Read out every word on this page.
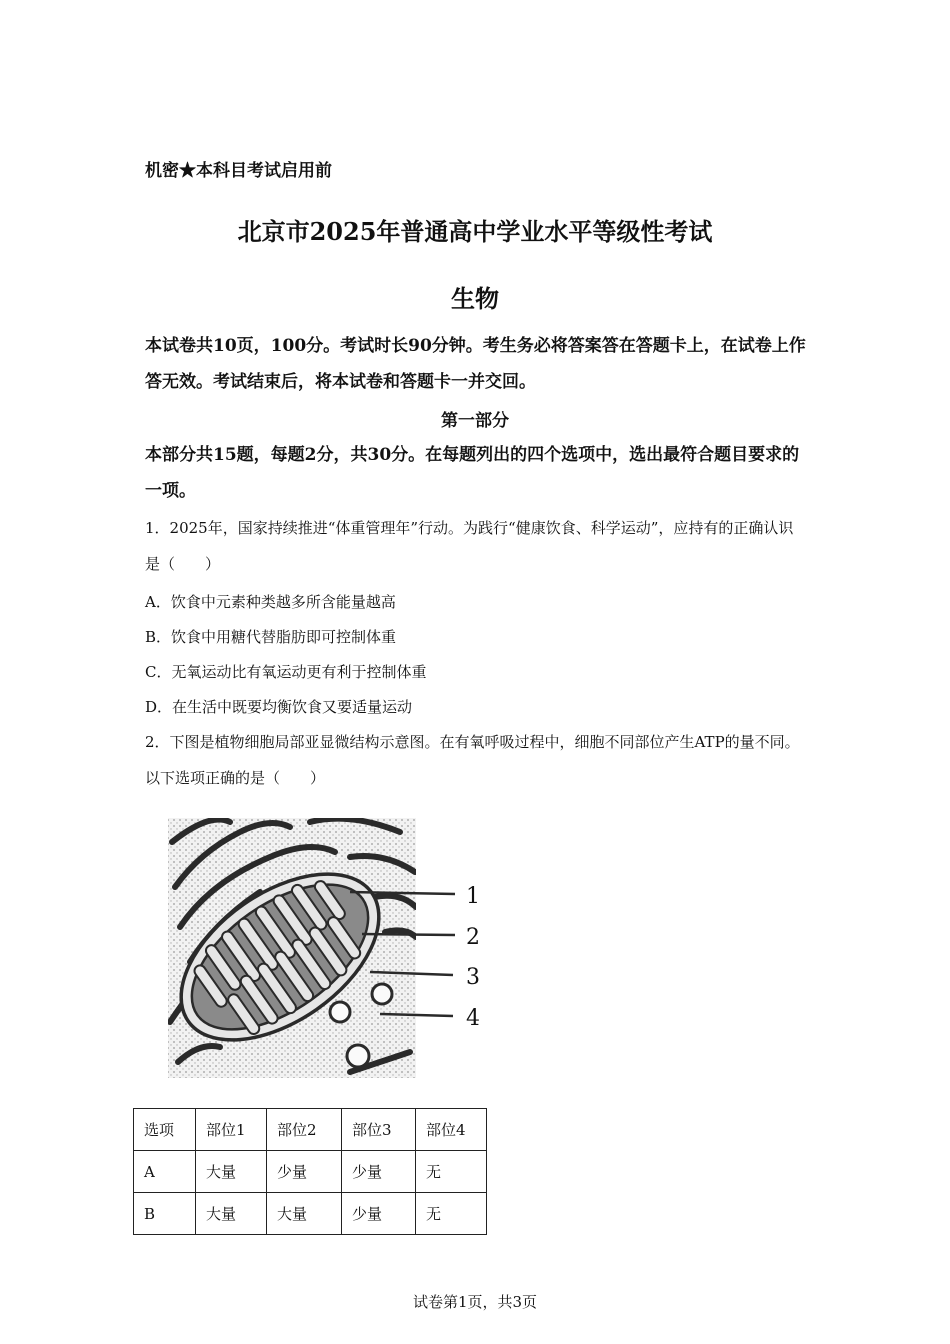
机密★本科目考试启用前

北京市2025年普通高中学业水平等级性考试

生物

本试卷共10页，100分。考试时长90分钟。考生务必将答案答在答题卡上，在试卷上作答无效。考试结束后，将本试卷和答题卡一并交回。

第一部分

本部分共15题，每题2分，共30分。在每题列出的四个选项中，选出最符合题目要求的一项。

1．2025年，国家持续推进“体重管理年”行动。为践行“健康饮食、科学运动”，应持有的正确认识是（　　）

A．饮食中元素种类越多所含能量越高

B．饮食中用糖代替脂肪即可控制体重

C．无氧运动比有氧运动更有利于控制体重

D．在生活中既要均衡饮食又要适量运动

2．下图是植物细胞局部亚显微结构示意图。在有氧呼吸过程中，细胞不同部位产生ATP的量不同。以下选项正确的是（　　）

1
2
3
4
选项	部位1	部位2	部位3	部位4
A	大量	少量	少量	无
B	大量	大量	少量	无

试卷第1页，共3页
